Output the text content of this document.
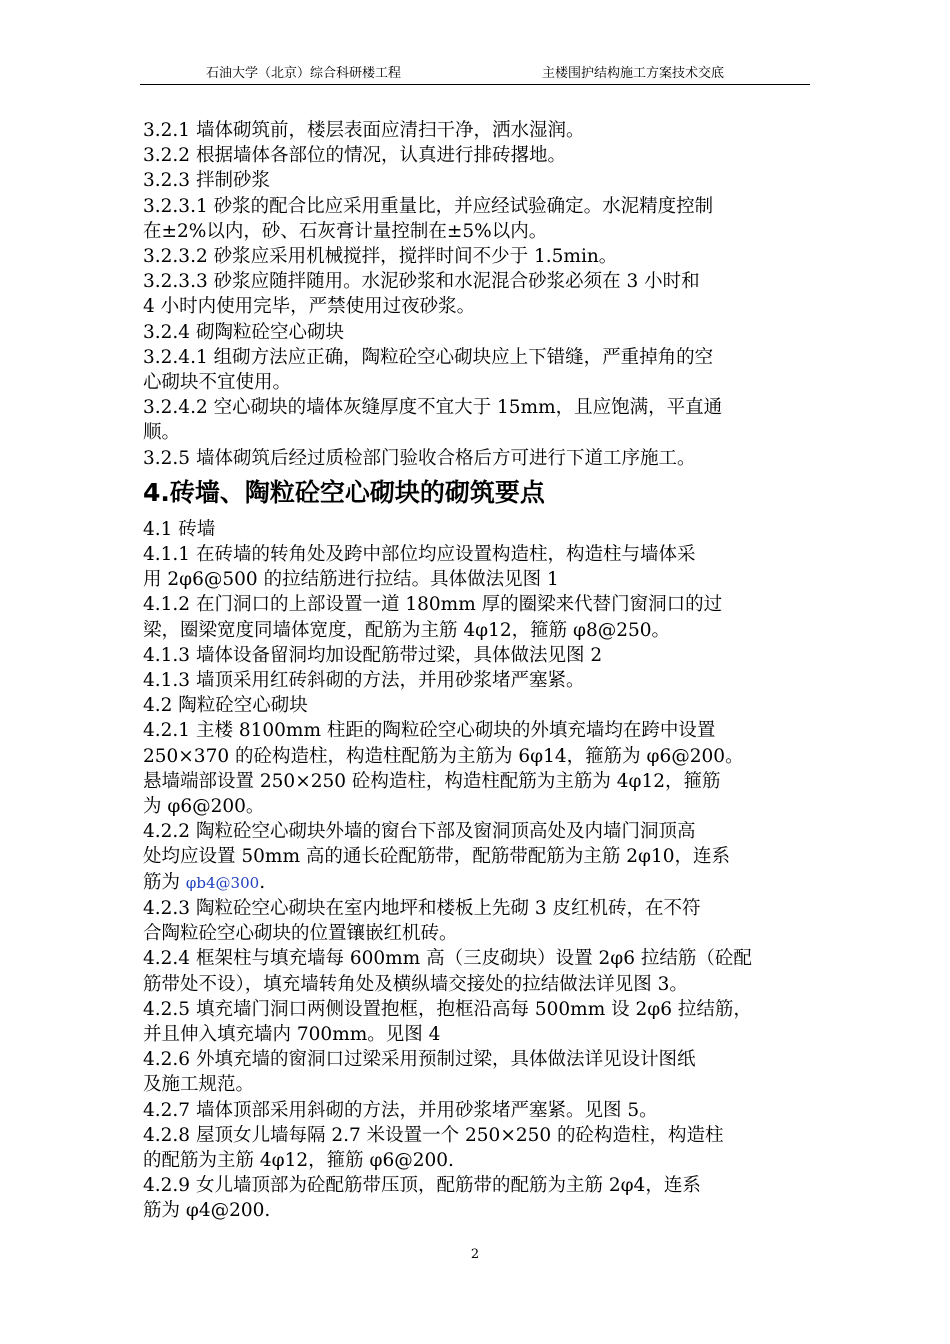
石油大学（北京）综合科研楼工程	主楼围护结构施工方案技术交底

3.2.1 墙体砌筑前，楼层表面应清扫干净，洒水湿润。

3.2.2 根据墙体各部位的情况，认真进行排砖撂地。

3.2.3 拌制砂浆

3.2.3.1 砂浆的配合比应采用重量比，并应经试验确定。水泥精度控制

在±2%以内，砂、石灰膏计量控制在±5%以内。

3.2.3.2 砂浆应采用机械搅拌，搅拌时间不少于 1.5min。

3.2.3.3 砂浆应随拌随用。水泥砂浆和水泥混合砂浆必须在 3 小时和

4 小时内使用完毕，严禁使用过夜砂浆。

3.2.4 砌陶粒砼空心砌块

3.2.4.1 组砌方法应正确，陶粒砼空心砌块应上下错缝，严重掉角的空

心砌块不宜使用。

3.2.4.2 空心砌块的墙体灰缝厚度不宜大于 15mm，且应饱满，平直通

顺。

3.2.5 墙体砌筑后经过质检部门验收合格后方可进行下道工序施工。

4.砖墙、陶粒砼空心砌块的砌筑要点

4.1 砖墙

4.1.1 在砖墙的转角处及跨中部位均应设置构造柱，构造柱与墙体采

用 2φ6@500 的拉结筋进行拉结。具体做法见图 1

4.1.2 在门洞口的上部设置一道 180mm 厚的圈梁来代替门窗洞口的过

梁，圈梁宽度同墙体宽度，配筋为主筋 4φ12，箍筋 φ8@250。

4.1.3 墙体设备留洞均加设配筋带过梁，具体做法见图 2

4.1.3 墙顶采用红砖斜砌的方法，并用砂浆堵严塞紧。

4.2 陶粒砼空心砌块

4.2.1 主楼 8100mm 柱距的陶粒砼空心砌块的外填充墙均在跨中设置

250×370 的砼构造柱，构造柱配筋为主筋为 6φ14，箍筋为 φ6@200。

悬墙端部设置 250×250 砼构造柱，构造柱配筋为主筋为 4φ12，箍筋

为 φ6@200。

4.2.2 陶粒砼空心砌块外墙的窗台下部及窗洞顶高处及内墙门洞顶高

处均应设置 50mm 高的通长砼配筋带，配筋带配筋为主筋 2φ10，连系

筋为 φb4@300.

4.2.3 陶粒砼空心砌块在室内地坪和楼板上先砌 3 皮红机砖，在不符

合陶粒砼空心砌块的位置镶嵌红机砖。

4.2.4 框架柱与填充墙每 600mm 高（三皮砌块）设置 2φ6 拉结筋（砼配

筋带处不设），填充墙转角处及横纵墙交接处的拉结做法详见图 3。

4.2.5 填充墙门洞口两侧设置抱框，抱框沿高每 500mm 设 2φ6 拉结筋，

并且伸入填充墙内 700mm。见图 4

4.2.6 外填充墙的窗洞口过梁采用预制过梁，具体做法详见设计图纸

及施工规范。

4.2.7 墙体顶部采用斜砌的方法，并用砂浆堵严塞紧。见图 5。

4.2.8 屋顶女儿墙每隔 2.7 米设置一个 250×250 的砼构造柱，构造柱

的配筋为主筋 4φ12，箍筋 φ6@200.

4.2.9 女儿墙顶部为砼配筋带压顶，配筋带的配筋为主筋 2φ4，连系

筋为 φ4@200.

2
